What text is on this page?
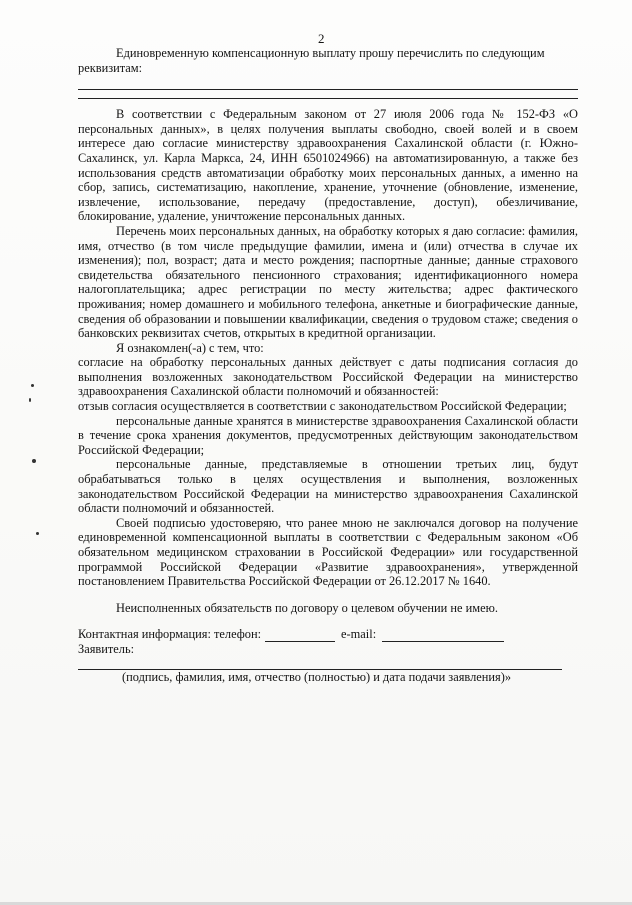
2

Единовременную компенсационную выплату прошу перечислить по следующим

реквизитам:

В соответствии с Федеральным законом от 27 июля 2006 года № 152-ФЗ «О персональных данных», в целях получения выплаты свободно, своей волей и в своем интересе даю согласие министерству здравоохранения Сахалинской области (г. Южно-Сахалинск, ул. Карла Маркса, 24, ИНН 6501024966) на автоматизированную, а также без использования средств автоматизации обработку моих персональных данных, а именно на сбор, запись, систематизацию, накопление, хранение, уточнение (обновление, изменение, извлечение, использование, передачу (предоставление, доступ), обезличивание, блокирование, удаление, уничтожение персональных данных.

Перечень моих персональных данных, на обработку которых я даю согласие: фамилия, имя, отчество (в том числе предыдущие фамилии, имена и (или) отчества в случае их изменения); пол, возраст; дата и место рождения; паспортные данные; данные страхового свидетельства обязательного пенсионного страхования; идентификационного номера налогоплательщика; адрес регистрации по месту жительства; адрес фактического проживания; номер домашнего и мобильного телефона, анкетные и биографические данные, сведения об образовании и повышении квалификации, сведения о трудовом стаже; сведения о банковских реквизитах счетов, открытых в кредитной организации.

Я ознакомлен(-а) с тем, что:

согласие на обработку персональных данных действует с даты подписания согласия до выполнения возложенных законодательством Российской Федерации на министерство здравоохранения Сахалинской области полномочий и обязанностей:

отзыв согласия осуществляется в соответствии с законодательством Российской Федерации;

персональные данные хранятся в министерстве здравоохранения Сахалинской области в течение срока хранения документов, предусмотренных действующим законодательством Российской Федерации;

персональные данные, представляемые в отношении третьих лиц, будут обрабатываться только в целях осуществления и выполнения, возложенных законодательством Российской Федерации на министерство здравоохранения Сахалинской области полномочий и обязанностей.

Своей подписью удостоверяю, что ранее мною не заключался договор на получение единовременной компенсационной выплаты в соответствии с Федеральным законом «Об обязательном медицинском страховании в Российской Федерации» или государственной программой Российской Федерации «Развитие здравоохранения», утвержденной постановлением Правительства Российской Федерации от 26.12.2017 № 1640.

Неисполненных обязательств по договору о целевом обучении не имею.

Контактная информация: телефон:	e-mail:

Заявитель:

(подпись, фамилия, имя, отчество (полностью) и дата подачи заявления)»
